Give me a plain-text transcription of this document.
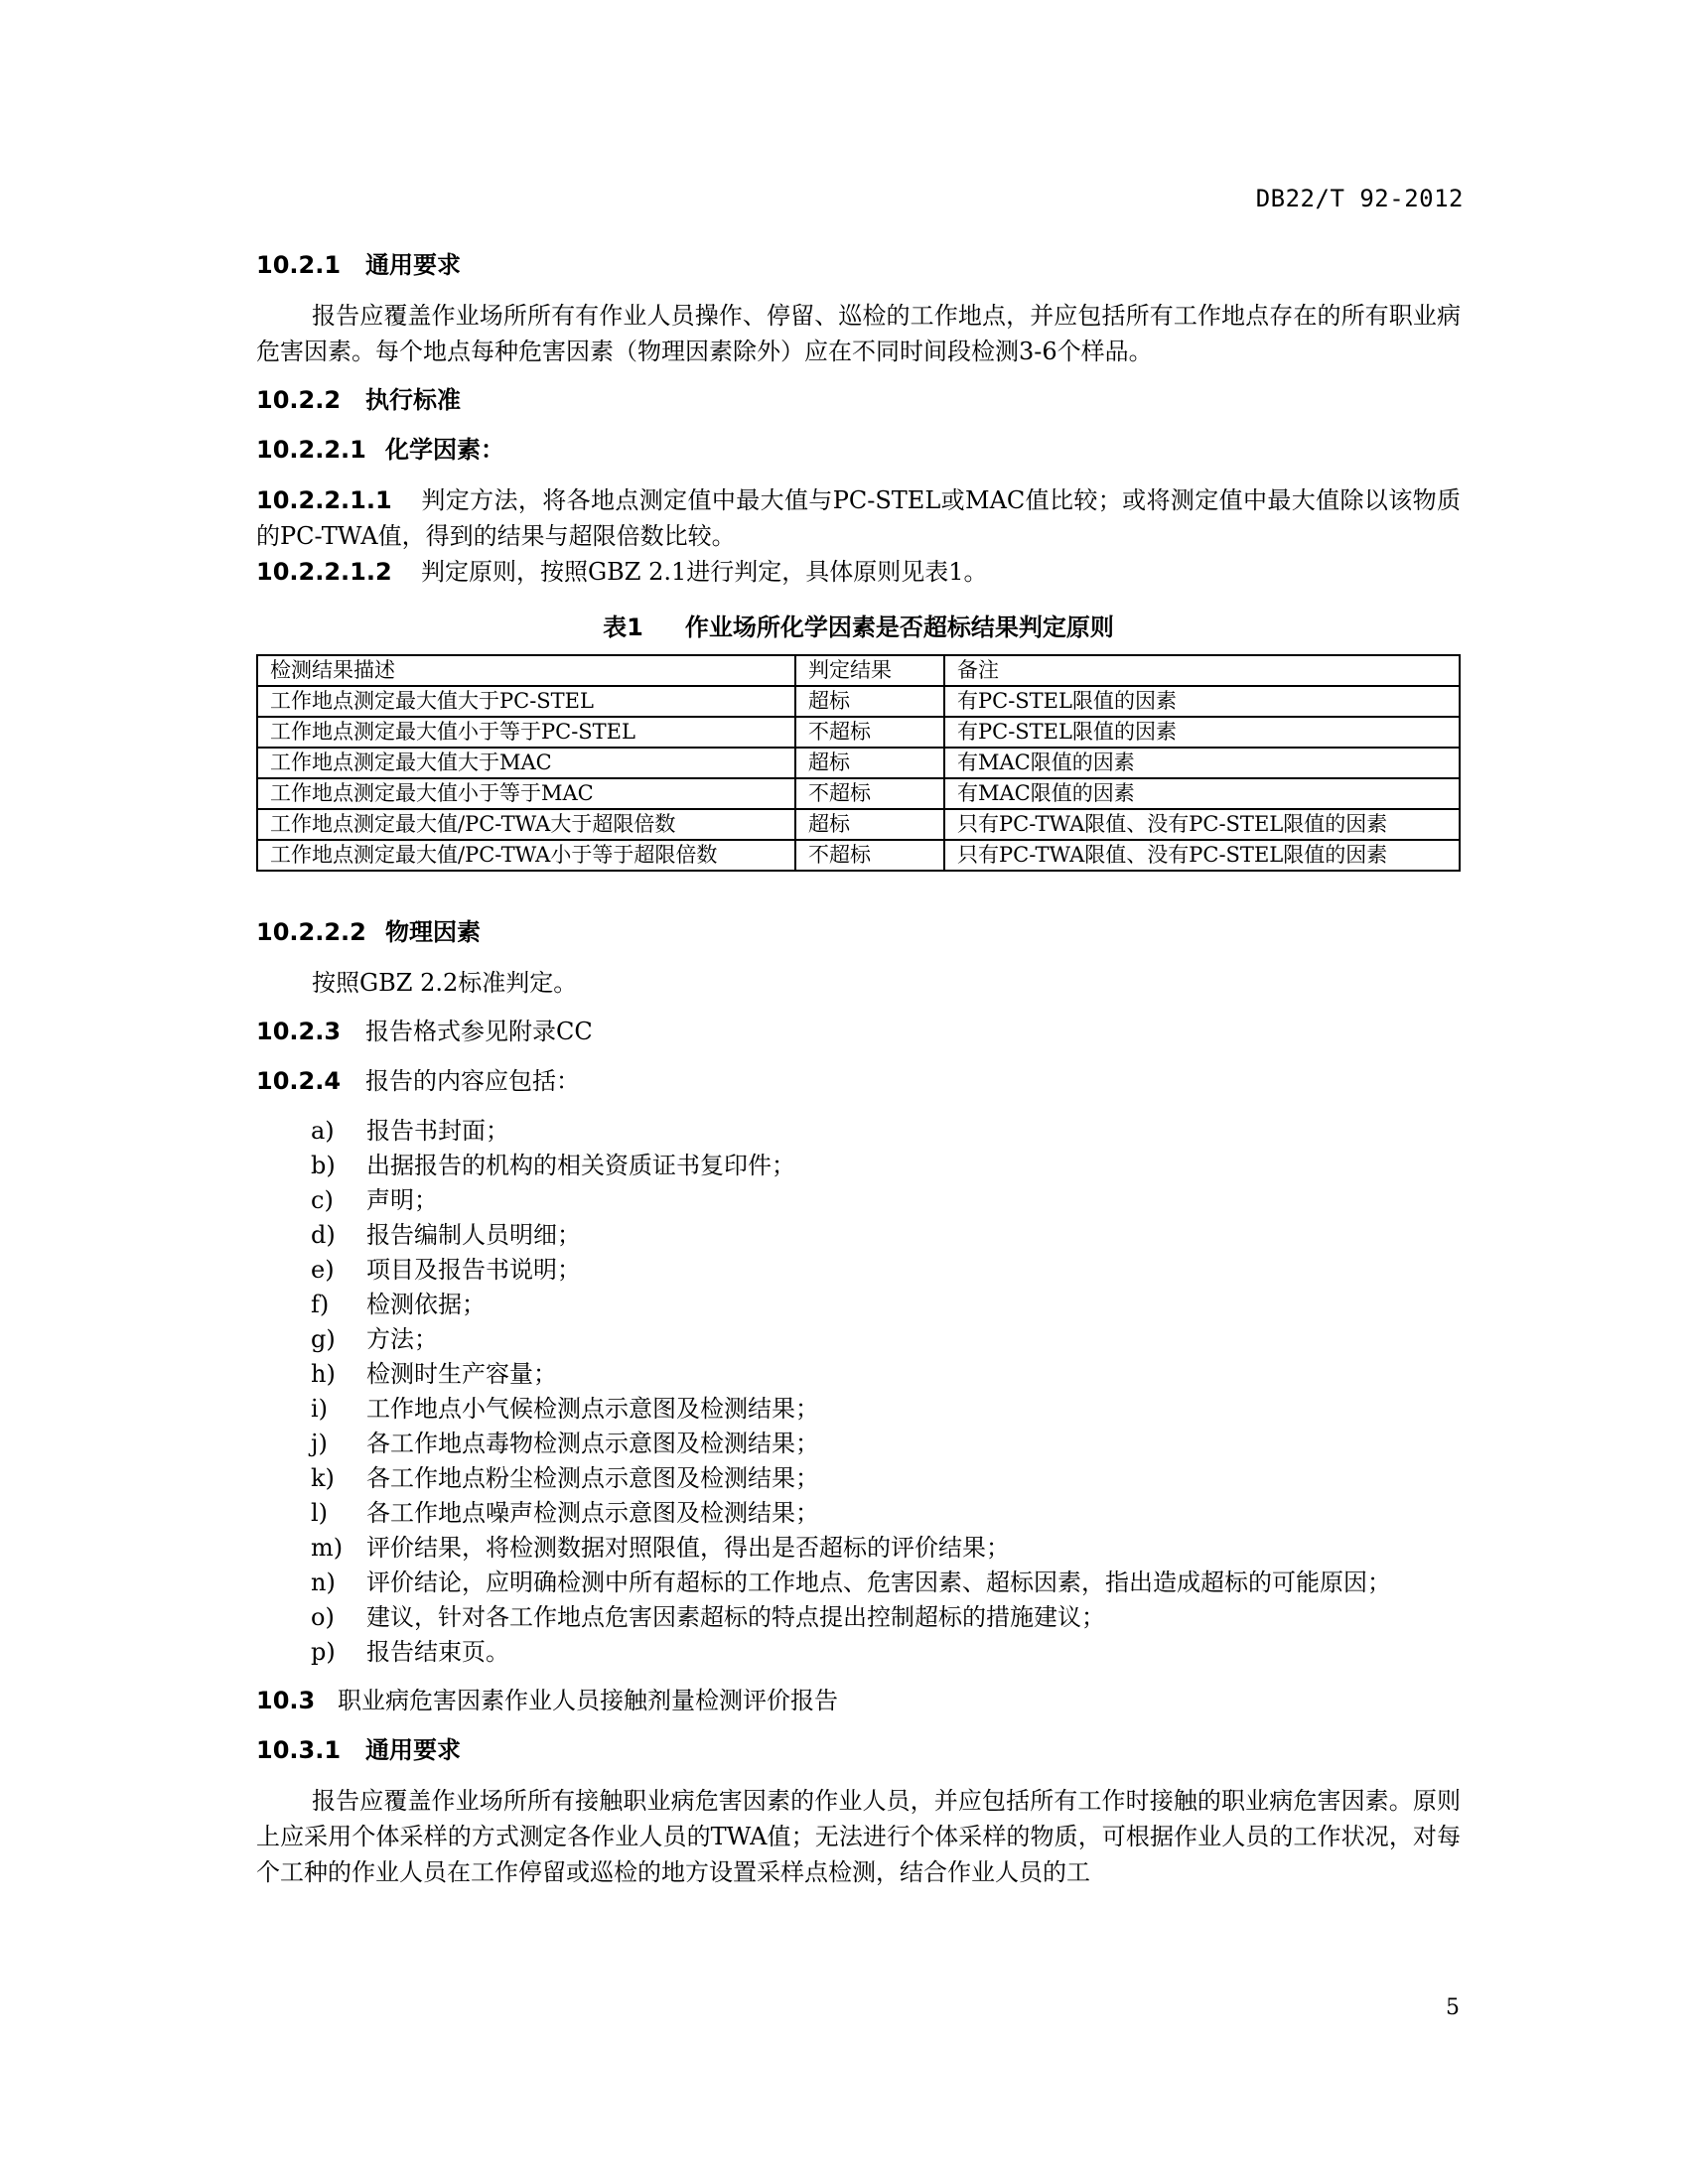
DB22/T 92-2012
10.2.1 通用要求
报告应覆盖作业场所所有有作业人员操作、停留、巡检的工作地点，并应包括所有工作地点存在的所有职业病危害因素。每个地点每种危害因素（物理因素除外）应在不同时间段检测3-6个样品。
10.2.2 执行标准
10.2.2.1 化学因素：
10.2.2.1.1 判定方法，将各地点测定值中最大值与PC-STEL或MAC值比较；或将测定值中最大值除以该物质的PC-TWA值，得到的结果与超限倍数比较。
10.2.2.1.2 判定原则，按照GBZ 2.1进行判定，具体原则见表1。
表1 作业场所化学因素是否超标结果判定原则
检测结果描述	判定结果	备注
工作地点测定最大值大于PC-STEL	超标	有PC-STEL限值的因素
工作地点测定最大值小于等于PC-STEL	不超标	有PC-STEL限值的因素
工作地点测定最大值大于MAC	超标	有MAC限值的因素
工作地点测定最大值小于等于MAC	不超标	有MAC限值的因素
工作地点测定最大值/PC-TWA大于超限倍数	超标	只有PC-TWA限值、没有PC-STEL限值的因素
工作地点测定最大值/PC-TWA小于等于超限倍数	不超标	只有PC-TWA限值、没有PC-STEL限值的因素
10.2.2.2 物理因素
按照GBZ 2.2标准判定。
10.2.3 报告格式参见附录CC
10.2.4 报告的内容应包括：
a)	报告书封面；
b)	出据报告的机构的相关资质证书复印件；
c)	声明；
d)	报告编制人员明细；
e)	项目及报告书说明；
f)	检测依据；
g)	方法；
h)	检测时生产容量；
i)	工作地点小气候检测点示意图及检测结果；
j)	各工作地点毒物检测点示意图及检测结果；
k)	各工作地点粉尘检测点示意图及检测结果；
l)	各工作地点噪声检测点示意图及检测结果；
m) 评价结果，将检测数据对照限值，得出是否超标的评价结果；
n)	评价结论，应明确检测中所有超标的工作地点、危害因素、超标因素，指出造成超标的可能原因；
o)	建议，针对各工作地点危害因素超标的特点提出控制超标的措施建议；
p)	报告结束页。
10.3 职业病危害因素作业人员接触剂量检测评价报告
10.3.1 通用要求
报告应覆盖作业场所所有接触职业病危害因素的作业人员，并应包括所有工作时接触的职业病危害因素。原则上应采用个体采样的方式测定各作业人员的TWA值；无法进行个体采样的物质，可根据作业人员的工作状况，对每个工种的作业人员在工作停留或巡检的地方设置采样点检测，结合作业人员的工
5
